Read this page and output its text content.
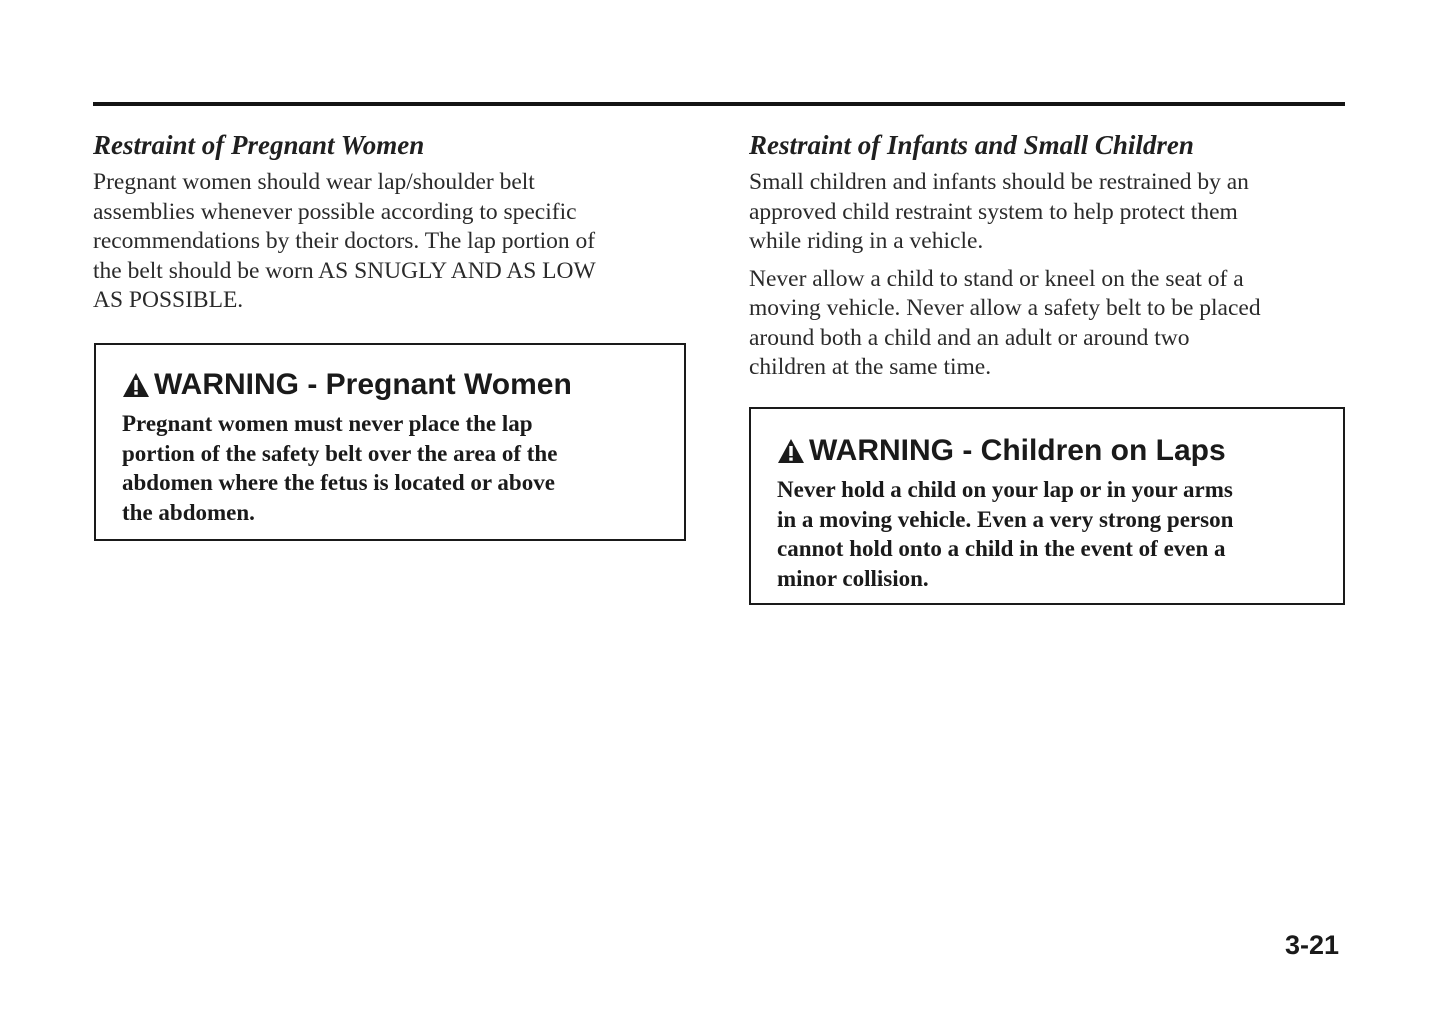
Restraint of Pregnant Women

Pregnant women should wear lap/shoulder belt
assemblies whenever possible according to specific
recommendations by their doctors. The lap portion of
the belt should be worn AS SNUGLY AND AS LOW
AS POSSIBLE.

WARNING - Pregnant Women
Pregnant women must never place the lap
portion of the safety belt over the area of the
abdomen where the fetus is located or above
the abdomen.
Restraint of Infants and Small Children

Small children and infants should be restrained by an
approved child restraint system to help protect them
while riding in a vehicle.

Never allow a child to stand or kneel on the seat of a
moving vehicle. Never allow a safety belt to be placed
around both a child and an adult or around two
children at the same time.

WARNING - Children on Laps
Never hold a child on your lap or in your arms
in a moving vehicle. Even a very strong person
cannot hold onto a child in the event of even a
minor collision.
3-21
